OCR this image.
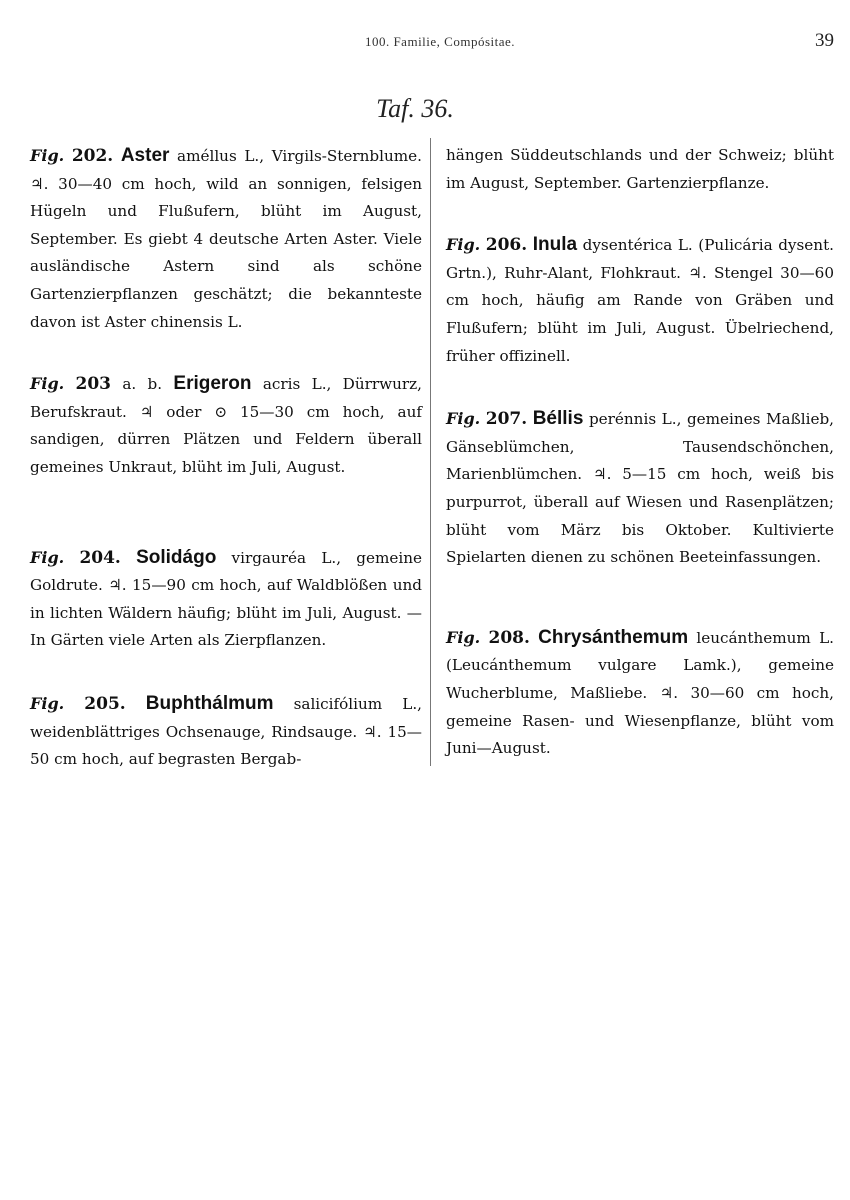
100. Familie, Compósitae.	39
Taf. 36.

Fig. 202. Aster améllus L., Virgils-Sternblume. ♃. 30—40 cm hoch, wild an sonnigen, felsigen Hügeln und Flußufern, blüht im August, September. Es giebt 4 deutsche Arten Aster. Viele ausländische Astern sind als schöne Gartenzierpflanzen geschätzt; die bekannteste davon ist Aster chinensis L.

Fig. 203 a. b. Erigeron acris L., Dürrwurz, Berufskraut. ♃ oder ⊙ 15—30 cm hoch, auf sandigen, dürren Plätzen und Feldern überall gemeines Unkraut, blüht im Juli, August.

Fig. 204. Solidágo virgauréa L., gemeine Goldrute. ♃. 15—90 cm hoch, auf Waldblößen und in lichten Wäldern häufig; blüht im Juli, August. — In Gärten viele Arten als Zierpflanzen.

Fig. 205. Buphthálmum salicifólium L., weidenblättriges Ochsenauge, Rindsauge. ♃. 15—50 cm hoch, auf begrasten Bergab-

hängen Süddeutschlands und der Schweiz; blüht im August, September. Gartenzierpflanze.

Fig. 206. Inula dysentérica L. (Pulicária dysent. Grtn.), Ruhr-Alant, Flohkraut. ♃. Stengel 30—60 cm hoch, häufig am Rande von Gräben und Flußufern; blüht im Juli, August. Übelriechend, früher offizinell.

Fig. 207. Béllis perénnis L., gemeines Maßlieb, Gänseblümchen, Tausendschönchen, Marienblümchen. ♃. 5—15 cm hoch, weiß bis purpurrot, überall auf Wiesen und Rasenplätzen; blüht vom März bis Oktober. Kultivierte Spielarten dienen zu schönen Beeteinfassungen.

Fig. 208. Chrysánthemum leucánthemum L. (Leucánthemum vulgare Lamk.), gemeine Wucherblume, Maßliebe. ♃. 30—60 cm hoch, gemeine Rasen- und Wiesenpflanze, blüht vom Juni—August.
